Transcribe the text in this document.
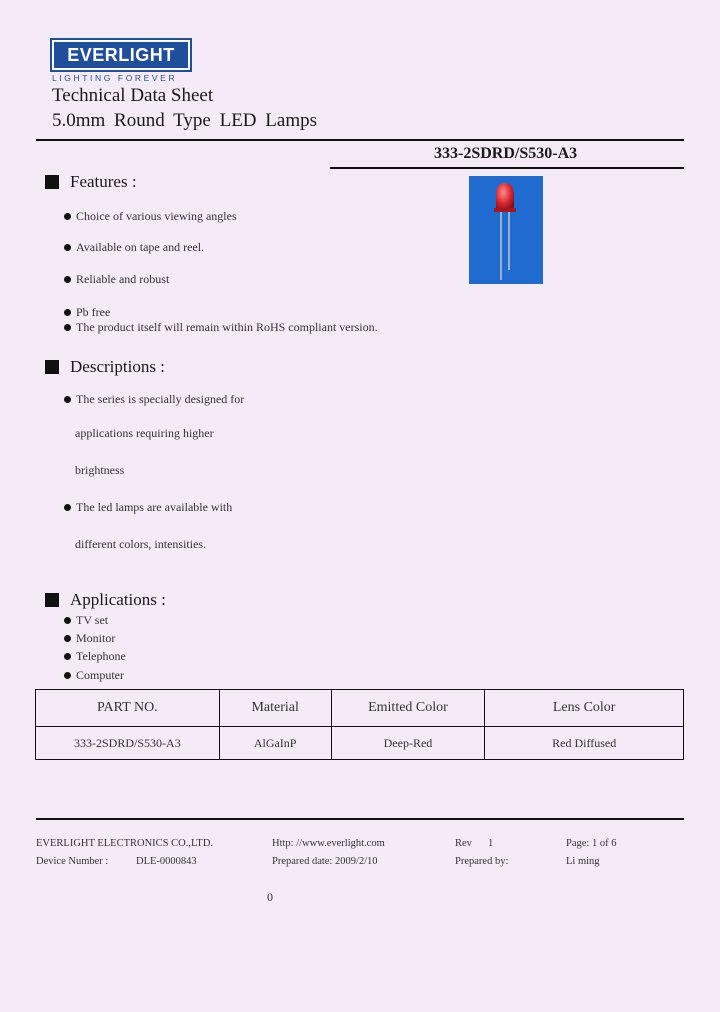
EVERLIGHT
LIGHTING FOREVER
Technical Data Sheet
5.0mm Round Type LED Lamps
333-2SDRD/S530-A3
Features :
Choice of various viewing angles
Available on tape and reel.
Reliable and robust
Pb free
The product itself will remain within RoHS compliant version.
Descriptions :
The series is specially designed for
applications requiring higher
brightness
The led lamps are available with
different colors, intensities.
Applications :
TV set
Monitor
Telephone
Computer
PART NO.	Material	Emitted Color	Lens Color
333-2SDRD/S530-A3	AlGaInP	Deep-Red	Red Diffused
EVERLIGHT ELECTRONICS CO.,LTD.	Http: //www.everlight.com	Rev 1	Page: 1 of 6
Device Number :	DLE-0000843	Prepared date: 2009/2/10	Prepared by:	Li ming
0
